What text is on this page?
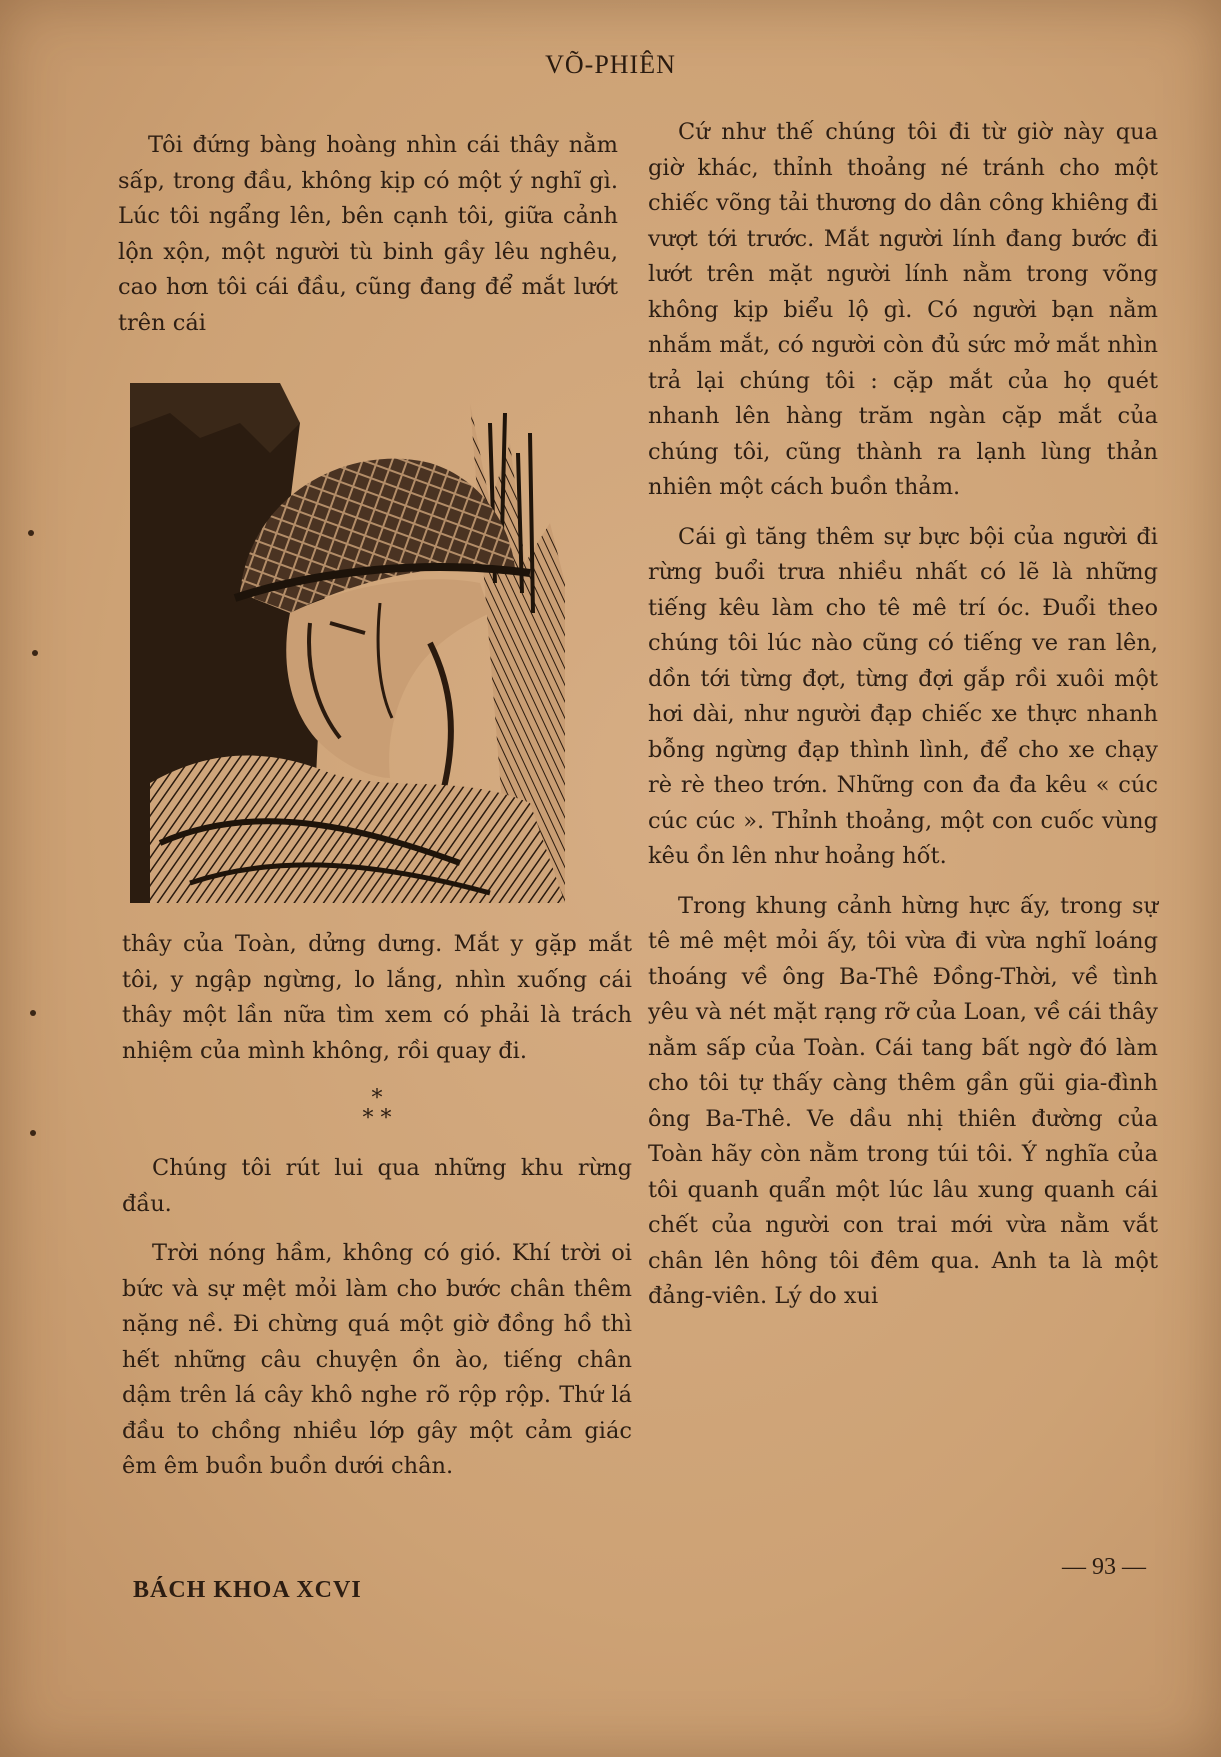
VÕ-PHIÊN

Tôi đứng bàng hoàng nhìn cái thây nằm sấp, trong đầu, không kịp có một ý nghĩ gì. Lúc tôi ngẩng lên, bên cạnh tôi, giữa cảnh lộn xộn, một người tù binh gầy lêu nghêu, cao hơn tôi cái đầu, cũng đang để mắt lướt trên cái

thây của Toàn, dửng dưng. Mắt y gặp mắt tôi, y ngập ngừng, lo lắng, nhìn xuống cái thây một lần nữa tìm xem có phải là trách nhiệm của mình không, rồi quay đi.

*
* *

Chúng tôi rút lui qua những khu rừng đầu.

Trời nóng hầm, không có gió. Khí trời oi bức và sự mệt mỏi làm cho bước chân thêm nặng nề. Đi chừng quá một giờ đồng hồ thì hết những câu chuyện ồn ào, tiếng chân dậm trên lá cây khô nghe rõ rộp rộp. Thứ lá đầu to chồng nhiều lớp gây một cảm giác êm êm buồn buồn dưới chân.

Cứ như thế chúng tôi đi từ giờ này qua giờ khác, thỉnh thoảng né tránh cho một chiếc võng tải thương do dân công khiêng đi vượt tới trước. Mắt người lính đang bước đi lướt trên mặt người lính nằm trong võng không kịp biểu lộ gì. Có người bạn nằm nhắm mắt, có người còn đủ sức mở mắt nhìn trả lại chúng tôi : cặp mắt của họ quét nhanh lên hàng trăm ngàn cặp mắt của chúng tôi, cũng thành ra lạnh lùng thản nhiên một cách buồn thảm.

Cái gì tăng thêm sự bực bội của người đi rừng buổi trưa nhiều nhất có lẽ là những tiếng kêu làm cho tê mê trí óc. Đuổi theo chúng tôi lúc nào cũng có tiếng ve ran lên, dồn tới từng đợt, từng đợi gắp rồi xuôi một hơi dài, như người đạp chiếc xe thực nhanh bỗng ngừng đạp thình lình, để cho xe chạy rè rè theo trớn. Những con đa đa kêu « cúc cúc cúc ». Thỉnh thoảng, một con cuốc vùng kêu ồn lên như hoảng hốt.

Trong khung cảnh hừng hực ấy, trong sự tê mê mệt mỏi ấy, tôi vừa đi vừa nghĩ loáng thoáng về ông Ba-Thê Đồng-Thời, về tình yêu và nét mặt rạng rỡ của Loan, về cái thây nằm sấp của Toàn. Cái tang bất ngờ đó làm cho tôi tự thấy càng thêm gần gũi gia-đình ông Ba-Thê. Ve dầu nhị thiên đường của Toàn hãy còn nằm trong túi tôi. Ý nghĩa của tôi quanh quẩn một lúc lâu xung quanh cái chết của người con trai mới vừa nằm vắt chân lên hông tôi đêm qua. Anh ta là một đảng-viên. Lý do xui

BÁCH KHOA XCVI
— 93 —
